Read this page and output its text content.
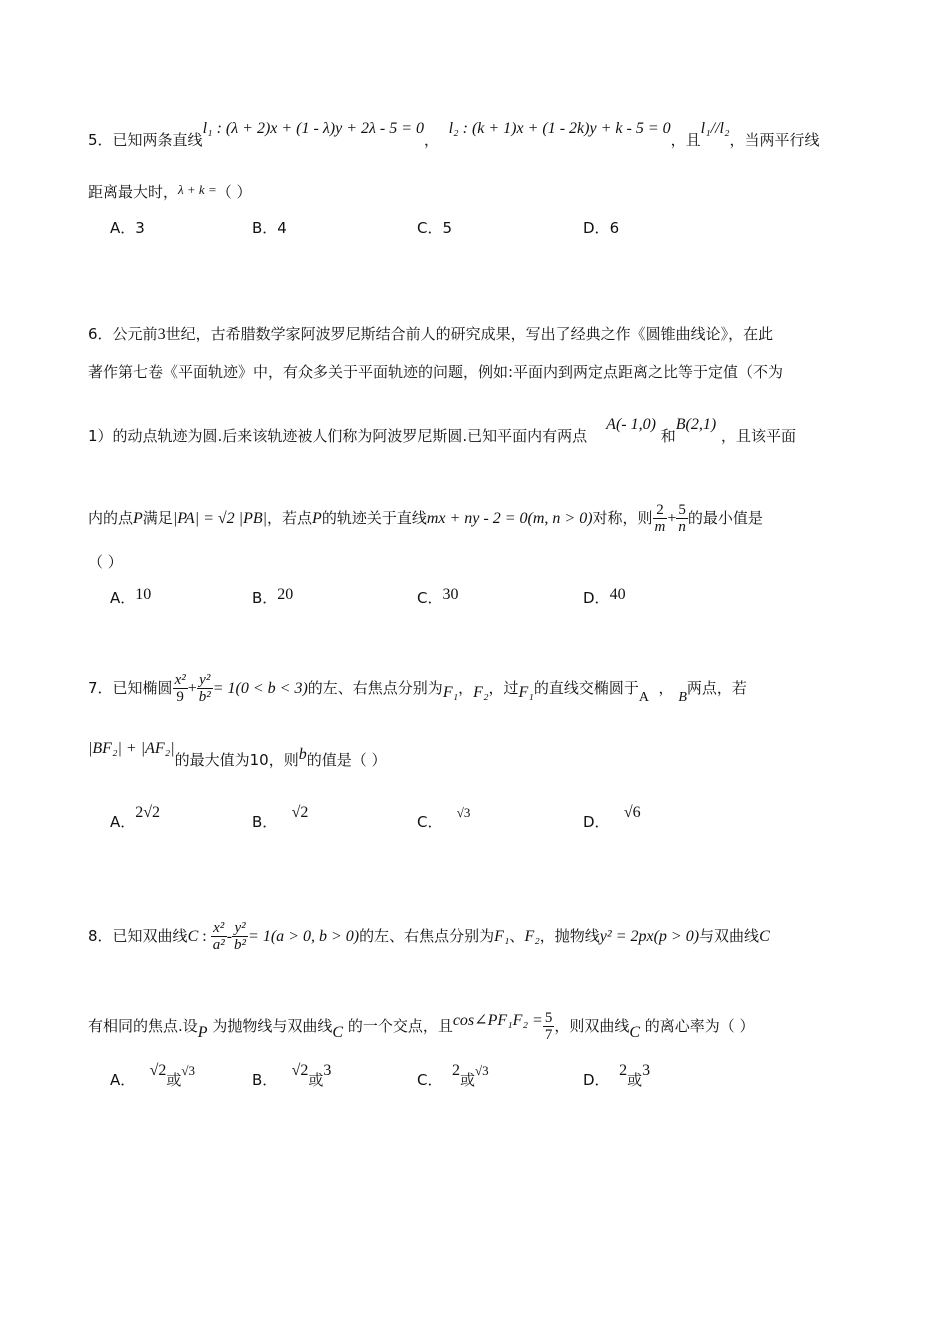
5．已知两条直线l₁ : (λ + 2)x + (1 - λ)y + 2λ - 5 = 0，  l₂ : (k + 1)x + (1 - 2k)y + k - 5 = 0，且l₁//l₂，当两平行线
距离最大时，λ + k =（ ）
A．3	B．4	C．5	D．6
6．公元前3世纪，古希腊数学家阿波罗尼斯结合前人的研究成果，写出了经典之作《圆锥曲线论》，在此
著作第七卷《平面轨迹》中，有众多关于平面轨迹的问题，例如:平面内到两定点距离之比等于定值（不为
1）的动点轨迹为圆.后来该轨迹被人们称为阿波罗尼斯圆.已知平面内有两点    A(- 1,0) 和B(2,1) ，且该平面
内的点P满足|PA| = √2 |PB|，若点P的轨迹关于直线mx + ny - 2 = 0(m, n > 0)对称，则 $\frac{2}{m} + \frac{5}{n}$ 的最小值是
（ ）
A．10	B．20	C．30	D．40
7．已知椭圆 $\frac{\text{x²}}{9} + \frac{\text{y²}}{\text{b²}} = 1(0 < b < 3)$的左、右焦点分别为F₁，F₂，过F₁的直线交椭圆于A  ， B两点，若
|BF₂| + |AF₂|的最大值为10，则b的值是（ ）
A．2√2
B．   √2
C．   √3
D．   √6
8．已知双曲线C : $\frac{\text{x²}}{\text{a²}} - \frac{\text{y²}}{\text{b²}} = 1(a > 0$, b > 0)的左、右焦点分别为F₁、F₂，抛物线y² = 2px(p > 0)与双曲线C
有相同的焦点.设P 为抛物线与双曲线C 的一个交点，且cos∠PF₁F₂ = $\frac{5}{7}$ ，则双曲线C 的离心率为（ ）
A．   √2或√3
B．   √2或3
C．  2或√3
D．  2或3
